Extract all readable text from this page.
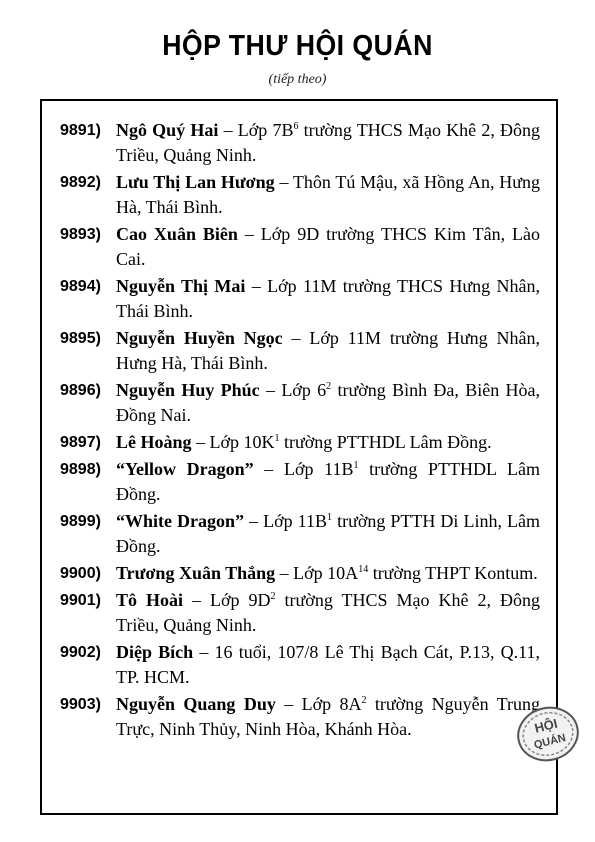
HỘP THƯ HỘI QUÁN
(tiếp theo)
9891) Ngô Quý Hai – Lớp $7B^6$ trường THCS Mạo Khê 2, Đông Triều, Quảng Ninh.
9892) Lưu Thị Lan Hương – Thôn Tú Mậu, xã Hồng An, Hưng Hà, Thái Bình.
9893) Cao Xuân Biên – Lớp 9D trường THCS Kim Tân, Lào Cai.
9894) Nguyễn Thị Mai – Lớp 11M trường THCS Hưng Nhân, Thái Bình.
9895) Nguyễn Huyền Ngọc – Lớp 11M trường Hưng Nhân, Hưng Hà, Thái Bình.
9896) Nguyễn Huy Phúc – Lớp $6^2$ trường Bình Đa, Biên Hòa, Đồng Nai.
9897) Lê Hoàng – Lớp $10K^1$ trường PTTHDL Lâm Đồng.
9898) “Yellow Dragon” – Lớp $11B^1$ trường PTTHDL Lâm Đồng.
9899) “White Dragon” – Lớp $11B^1$ trường PTTH Di Linh, Lâm Đồng.
9900) Trương Xuân Thắng – Lớp $10A^{14}$ trường THPT Kontum.
9901) Tô Hoài – Lớp $9D^2$ trường THCS Mạo Khê 2, Đông Triều, Quảng Ninh.
9902) Diệp Bích – 16 tuổi, 107/8 Lê Thị Bạch Cát, P.13, Q.11, TP. HCM.
9903) Nguyễn Quang Duy – Lớp $8A^2$ trường Nguyễn Trung Trực, Ninh Thủy, Ninh Hòa, Khánh Hòa.	HỘI
QUÁN
